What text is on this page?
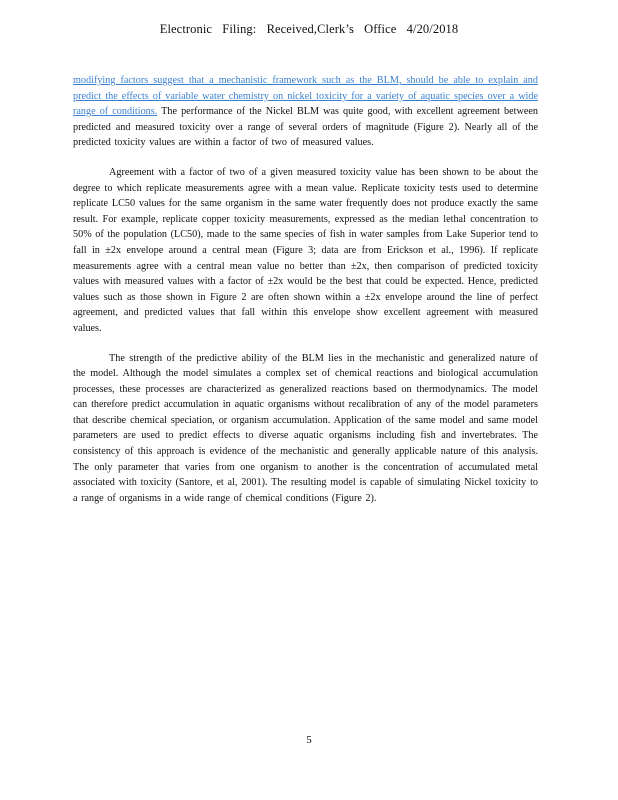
Electronic Filing: Received,Clerk’s Office 4/20/2018

modifying factors suggest that a mechanistic framework such as the BLM, should be able to explain and predict the effects of variable water chemistry on nickel toxicity for a variety of aquatic species over a wide range of conditions. The performance of the Nickel BLM was quite good, with excellent agreement between predicted and measured toxicity over a range of several orders of magnitude (Figure 2). Nearly all of the predicted toxicity values are within a factor of two of measured values.

Agreement with a factor of two of a given measured toxicity value has been shown to be about the degree to which replicate measurements agree with a mean value. Replicate toxicity tests used to determine replicate LC50 values for the same organism in the same water frequently does not produce exactly the same result. For example, replicate copper toxicity measurements, expressed as the median lethal concentration to 50% of the population (LC50), made to the same species of fish in water samples from Lake Superior tend to fall in ±2x envelope around a central mean (Figure 3; data are from Erickson et al., 1996). If replicate measurements agree with a central mean value no better than ±2x, then comparison of predicted toxicity values with measured values with a factor of ±2x would be the best that could be expected. Hence, predicted values such as those shown in Figure 2 are often shown within a ±2x envelope around the line of perfect agreement, and predicted values that fall within this envelope show excellent agreement with measured values.

The strength of the predictive ability of the BLM lies in the mechanistic and generalized nature of the model. Although the model simulates a complex set of chemical reactions and biological accumulation processes, these processes are characterized as generalized reactions based on thermodynamics. The model can therefore predict accumulation in aquatic organisms without recalibration of any of the model parameters that describe chemical speciation, or organism accumulation. Application of the same model and same model parameters are used to predict effects to diverse aquatic organisms including fish and invertebrates. The consistency of this approach is evidence of the mechanistic and generally applicable nature of this analysis. The only parameter that varies from one organism to another is the concentration of accumulated metal associated with toxicity (Santore, et al, 2001). The resulting model is capable of simulating Nickel toxicity to a range of organisms in a wide range of chemical conditions (Figure 2).

5
